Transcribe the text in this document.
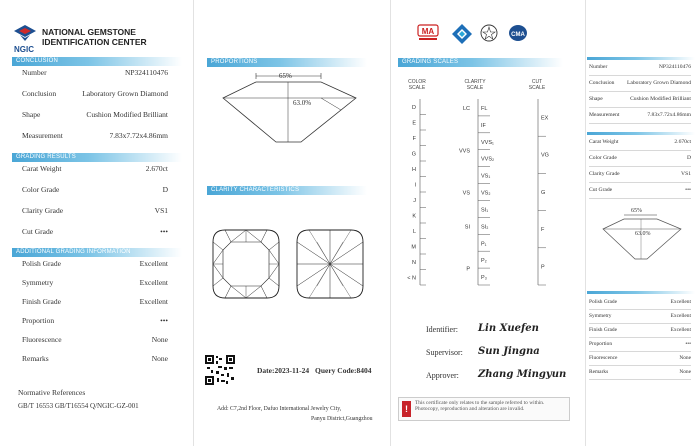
NGIC
NATIONAL GEMSTONE
IDENTIFICATION CENTER
CONCLUSION
GRADING RESULTS
ADDITIONAL GRADING INFORMATION
Normative References
GB/T 16553 GB/T16554 Q/NGIC-GZ-001
Number	NP324110476
Conclusion	Laboratory Grown Diamond
Shape	Cushion Modified Brilliant
Measurement	7.83x7.72x4.86mm
Carat Weight	2.670ct
Color Grade	D
Clarity Grade	VS1
Cut Grade	•••
Polish Grade	Excellent
Symmetry	Excellent
Finish Grade	Excellent
Proportion	•••
Fluorescence	None
Remarks	None
PROPORTIONS
65%
63.0%
CLARITY CHARACTERISTICS
Date:2023-11-24 Query Code:8404
Add: C7,2nd Floor, Dafuo International Jewelry City,
Panyu District,Guangzhou
MA	CMA
GRADING SCALES
COLOR
SCALE
CLARITY
SCALE
CUT
SCALE
D
E
F
G
H
I
J
K
L
M
N
< N
FL
IF
VVS₁
VVS₂
VS₁
VS₂
SI₁
SI₂
P₁
P₂
P₃
LC
VVS
VS
SI
P
EX
VG
G
F
P
!
This certificate only relates to the sample referred to within. Photocopy, reproduction and alteration are invalid.
Identifier: Lin Xuefen
Supervisor: Sun Jingna
Approver: Zhang Mingyun
65%
63.0%
Number	NP324110476
Conclusion Laboratory Grown Diamond
Shape	Cushion Modified Brilliant
Measurement	7.83x7.72x4.86mm
Carat Weight	2.670ct
Color Grade	D
Clarity Grade	VS1
Cut Grade	•••
Polish Grade	Excellent
Symmetry	Excellent
Finish Grade	Excellent
Proportion	•••
Fluorescence	None
Remarks	None
